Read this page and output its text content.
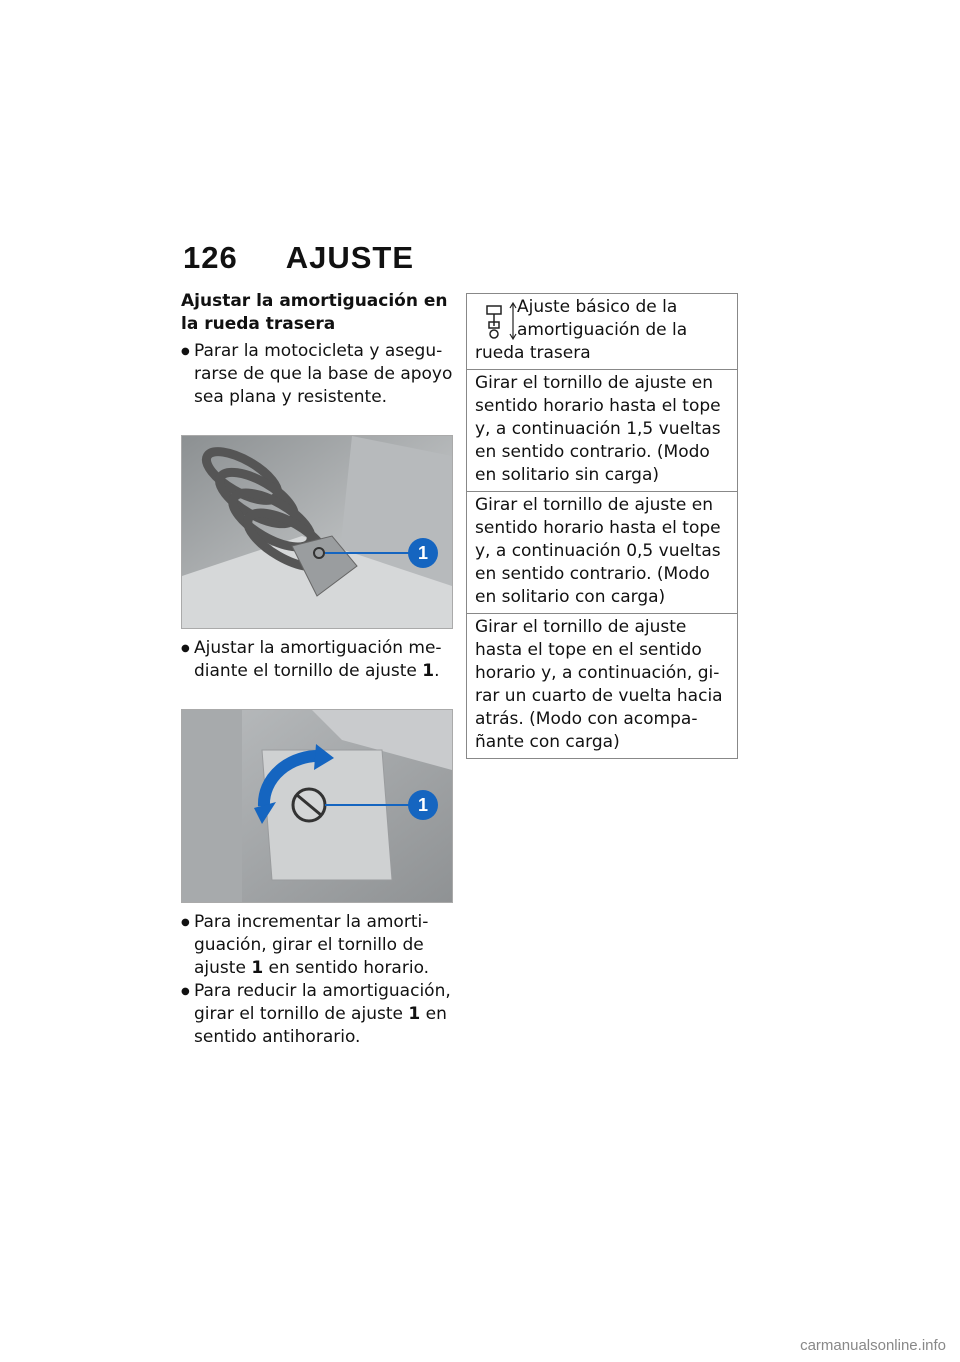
126 AJUSTE
Ajustar la amortiguación en la rueda trasera
● Parar la motocicleta y asegurarse de que la base de apoyo sea plana y resistente.
1
● Ajustar la amortiguación mediante el tornillo de ajuste 1.
1
● Para incrementar la amortiguación, girar el tornillo de ajuste 1 en sentido horario.
● Para reducir la amortiguación, girar el tornillo de ajuste 1 en sentido antihorario.
Ajuste básico de la
amortiguación de la
rueda trasera
Girar el tornillo de ajuste en sentido horario hasta el tope y, a continuación 1,5 vueltas en sentido contrario. (Modo en solitario sin carga)
Girar el tornillo de ajuste en sentido horario hasta el tope y, a continuación 0,5 vueltas en sentido contrario. (Modo en solitario con carga)
Girar el tornillo de ajuste hasta el tope en el sentido horario y, a continuación, girar un cuarto de vuelta hacia atrás. (Modo con acompañante con carga)
carmanualsonline.info
